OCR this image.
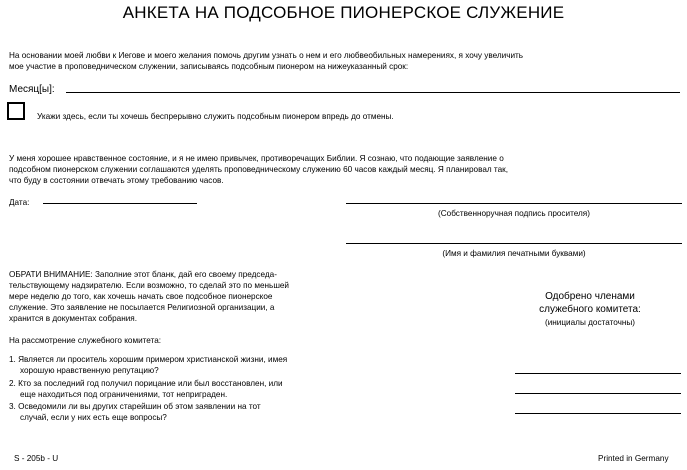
АНКЕТА НА ПОДСОБНОЕ ПИОНЕРСКОЕ СЛУЖЕНИЕ
На основании моей любви к Иегове и моего желания помочь другим узнать о нем и его любвеобильных намерениях, я хочу увеличить
мое участие в проповедническом служении, записываясь подсобным пионером на нижеуказанный срок:
Месяц[ы]:
Укажи здесь, если ты хочешь беспрерывно служить подсобным пионером впредь до отмены.
У меня хорошее нравственное состояние, и я не имею привычек, противоречащих Библии. Я сознаю, что подающие заявление о
подсобном пионерском служении соглашаются уделять проповедническому служению 60 часов каждый месяц. Я планировал так,
что буду в состоянии отвечать этому требованию часов.
Дата:
(Собственноручная подпись просителя)
(Имя и фамилия печатными буквами)
ОБРАТИ ВНИМАНИЕ: Заполние этот бланк, дай его своему председа-
тельствующему надзирателю. Если возможно, то сделай это по меньшей
мере неделю до того, как хочешь начать свое подсобное пионерское
служение. Это заявление не посылается Религиозной организации, а
хранится в документах собрания.
На рассмотрение служебного комитета:
1. Является ли проситель хорошим примером христианской жизни, имея
хорошую нравственную репутацию?
2. Кто за последний год получил порицание или был восстановлен, или
еще находиться под ограничениями, тот неприграден.
3. Осведомили ли вы других старейшин об этом заявлении на тот
случай, если у них есть еще вопросы?
Одобрено членами
служебного комитета:
(инициалы достаточны)
S - 205b - U	Printed in Germany
